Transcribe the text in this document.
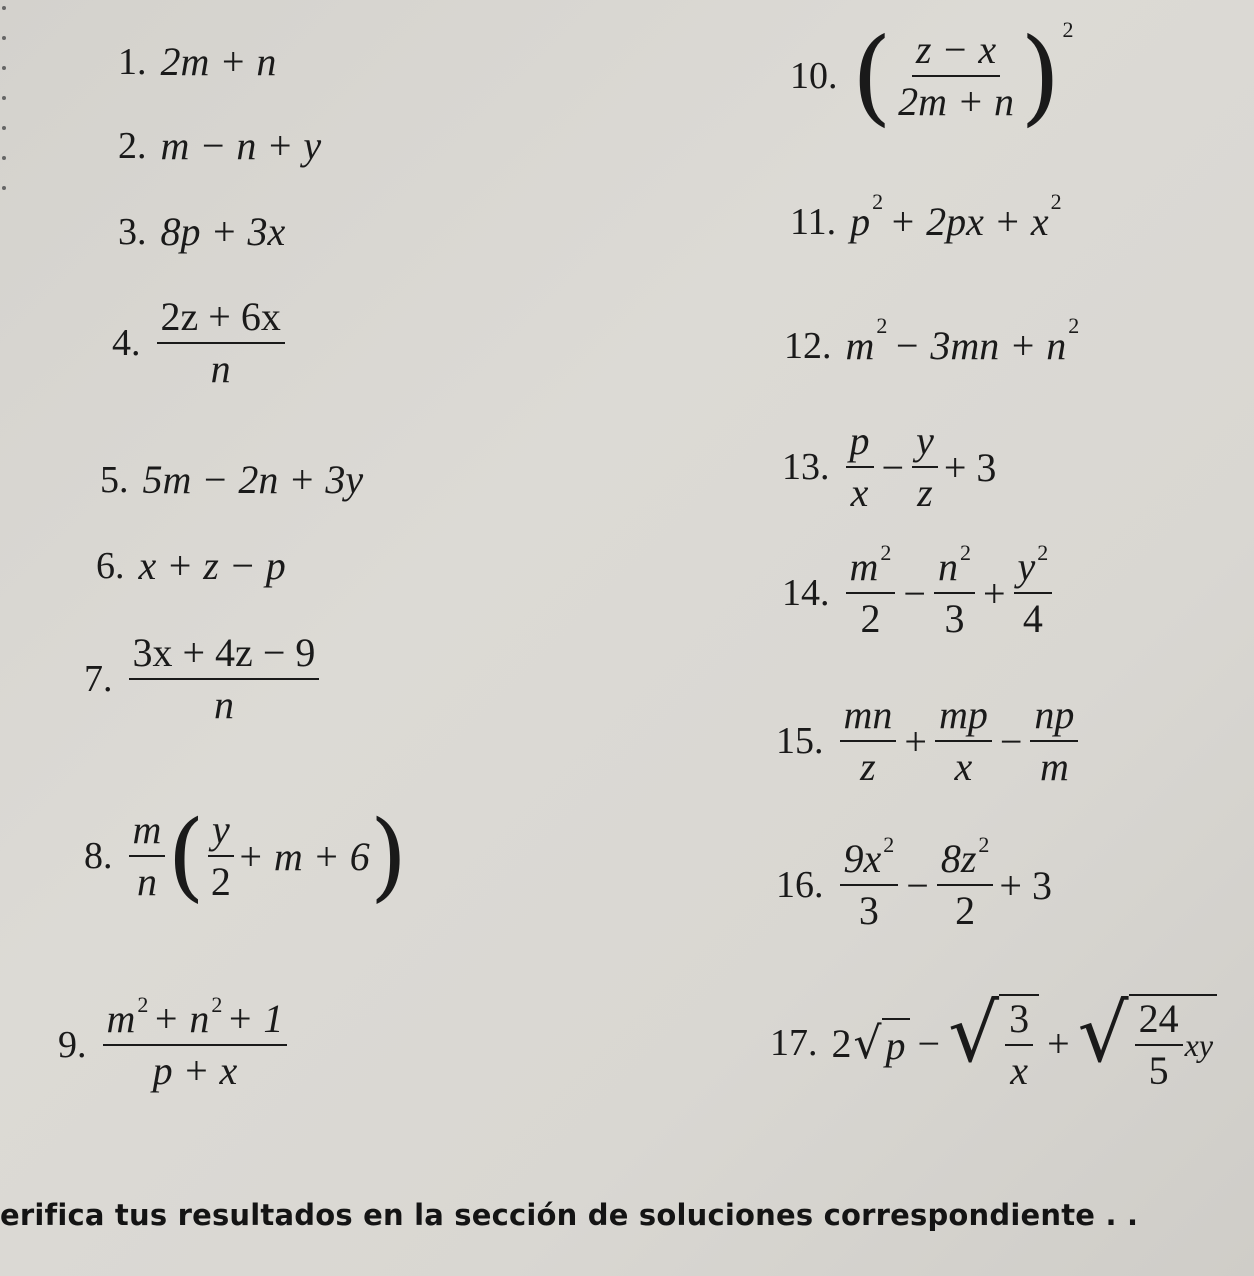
1. 2m + n
2. m − n + y
3. 8p + 3x
4. $\frac{2z + 6x}{n}$
5. 5m − 2n + 3y
6. x + z − p
7. $\frac{3x + 4z - 9}{n}$
8. $\frac{m}{n}$ ( $\frac{y}{2} + m + 6$ )
9. $\frac{m^2 + n^2 + 1}{p + x}$
10. ( $\frac{z - x}{2m + n} )^2$
11. $p^2 + 2px + x^2$
12. $m^2 - 3mn + n^2$
13. $\frac{p}{x} - \frac{y}{z} + 3$
14. $\frac{m^2}{2} - \frac{n^2}{3} + \frac{y^2}{4}$
15. $\frac{mn}{z} + \frac{mp}{x} - \frac{np}{m}$
16. $\frac{9x^2}{3} - \frac{8z^2}{2} + 3$
17. 2 √ p − √ $\frac{3}{x}$ + √ $\frac{24}{5}$ xy
erifica tus resultados en la sección de soluciones correspondiente . .
